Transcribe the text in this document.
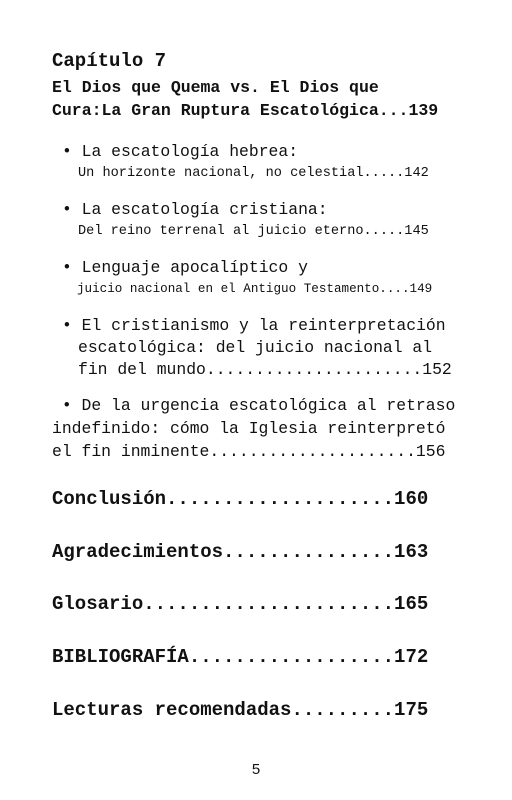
Capítulo 7

El Dios que Quema vs. El Dios que

Cura:La Gran Ruptura Escatológica...139

• La escatología hebrea:

Un horizonte nacional, no celestial.....142

• La escatología cristiana:

Del reino terrenal al juicio eterno.....145

• Lenguaje apocalíptico y

juicio nacional en el Antiguo Testamento....149

• El cristianismo y la reinterpretación

escatológica: del juicio nacional al

fin del mundo......................152

• De la urgencia escatológica al retraso

indefinido: cómo la Iglesia reinterpretó

el fin inminente.....................156

Conclusión....................160

Agradecimientos...............163

Glosario......................165

BIBLIOGRAFÍA..................172

Lecturas recomendadas.........175

5
